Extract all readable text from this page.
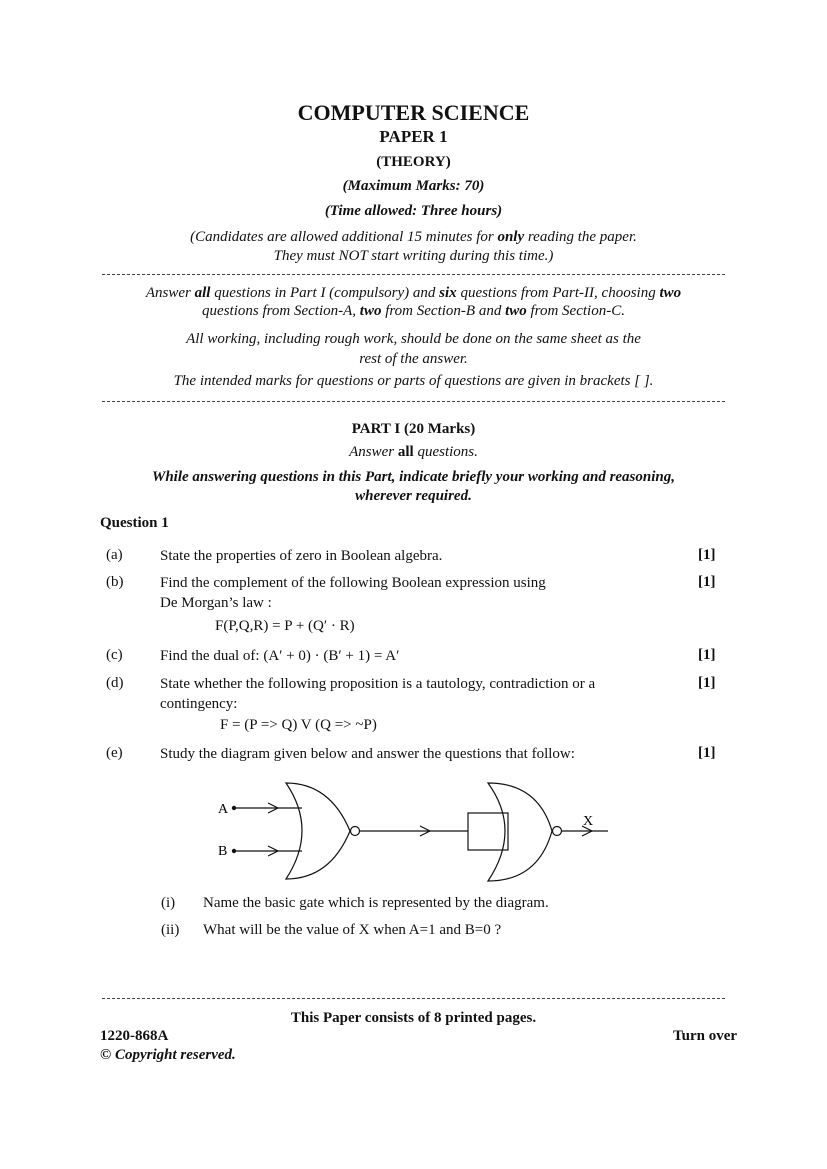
COMPUTER SCIENCE
PAPER 1
(THEORY)
(Maximum Marks: 70)
(Time allowed: Three hours)
(Candidates are allowed additional 15 minutes for only reading the paper.
They must NOT start writing during this time.)
Answer all questions in Part I (compulsory) and six questions from Part-II, choosing two
questions from Section-A, two from Section-B and two from Section-C.
All working, including rough work, should be done on the same sheet as the
rest of the answer.
The intended marks for questions or parts of questions are given in brackets [ ].
PART I (20 Marks)
Answer all questions.
While answering questions in this Part, indicate briefly your working and reasoning,
wherever required.
Question 1
(a) State the properties of zero in Boolean algebra.	[1]
(b) Find the complement of the following Boolean expression using
De Morgan’s law :
[1]
F(P,Q,R) = P + (Q′ · R)
(c) Find the dual of: (A′ + 0) · (B′ + 1) = A′	[1]
(d) State whether the following proposition is a tautology, contradiction or a
contingency:
[1]
F = (P => Q) V (Q => ~P)
(e) Study the diagram given below and answer the questions that follow:	[1]
A
B
X
(i) Name the basic gate which is represented by the diagram.
(ii) What will be the value of X when A=1 and B=0 ?
This Paper consists of 8 printed pages.
1220-868A	Turn over
© Copyright reserved.
